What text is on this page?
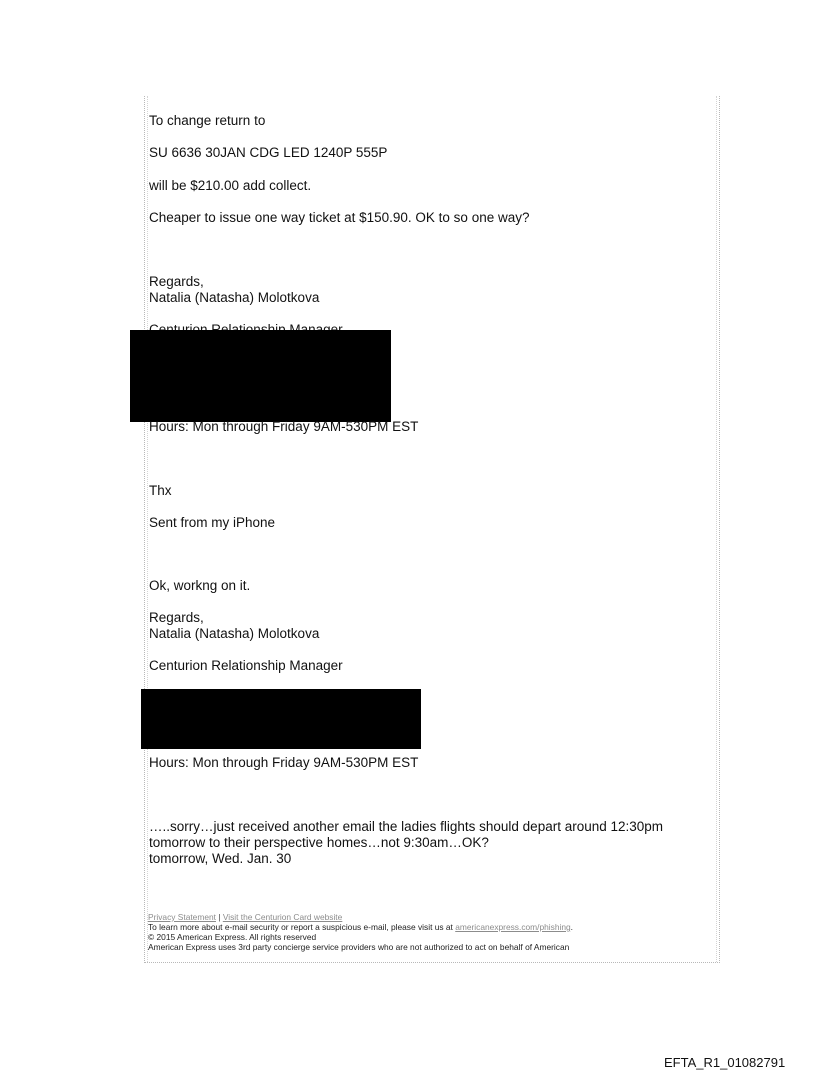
To change return to
SU 6636 30JAN CDG LED 1240P 555P
will be $210.00 add collect.
Cheaper to issue one way ticket at $150.90. OK to so one way?
Regards,
Natalia (Natasha) Molotkova
Hours: Mon through Friday 9AM-530PM EST
Thx
Sent from my iPhone
Ok, workng on it.
Regards,
Natalia (Natasha) Molotkova
Centurion Relationship Manager
Hours: Mon through Friday 9AM-530PM EST
…..sorry…just received another email the ladies flights should depart around 12:30pm
tomorrow to their perspective homes…not 9:30am…OK?
tomorrow, Wed. Jan. 30
Privacy Statement | Visit the Centurion Card website
To learn more about e-mail security or report a suspicious e-mail, please visit us at americanexpress.com/phishing.
© 2015 American Express. All rights reserved
American Express uses 3rd party concierge service providers who are not authorized to act on behalf of American
EFTA_R1_01082791
